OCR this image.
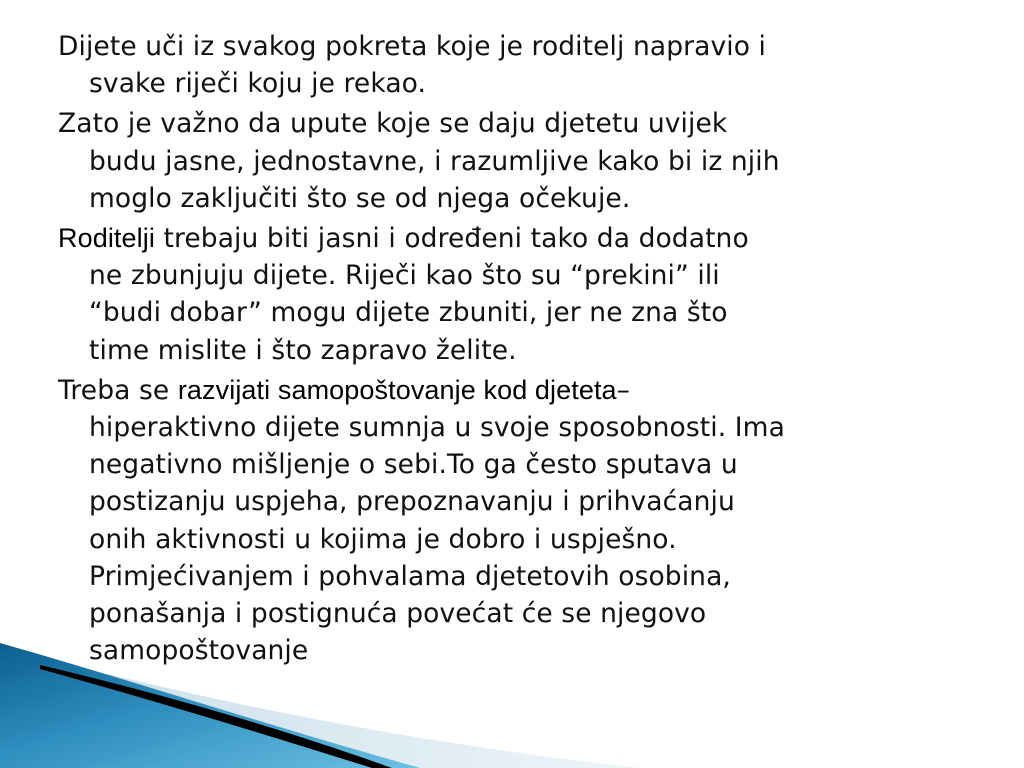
Dijete uči iz svakog pokreta koje je roditelj napravio i
svake riječi koju je rekao.

Zato je važno da upute koje se daju djetetu uvijek
budu jasne, jednostavne, i razumljive kako bi iz njih
moglo zaključiti što se od njega očekuje.

Roditelji trebaju biti jasni i određeni tako da dodatno
ne zbunjuju dijete. Riječi kao što su “prekini” ili
“budi dobar” mogu dijete zbuniti, jer ne zna što
time mislite i što zapravo želite.

Treba se razvijati samopoštovanje kod djeteta–
hiperaktivno dijete sumnja u svoje sposobnosti. Ima
negativno mišljenje o sebi.To ga često sputava u
postizanju uspjeha, prepoznavanju i prihvaćanju
onih aktivnosti u kojima je dobro i uspješno.
Primjećivanjem i pohvalama djetetovih osobina,
ponašanja i postignuća povećat će se njegovo
samopoštovanje
